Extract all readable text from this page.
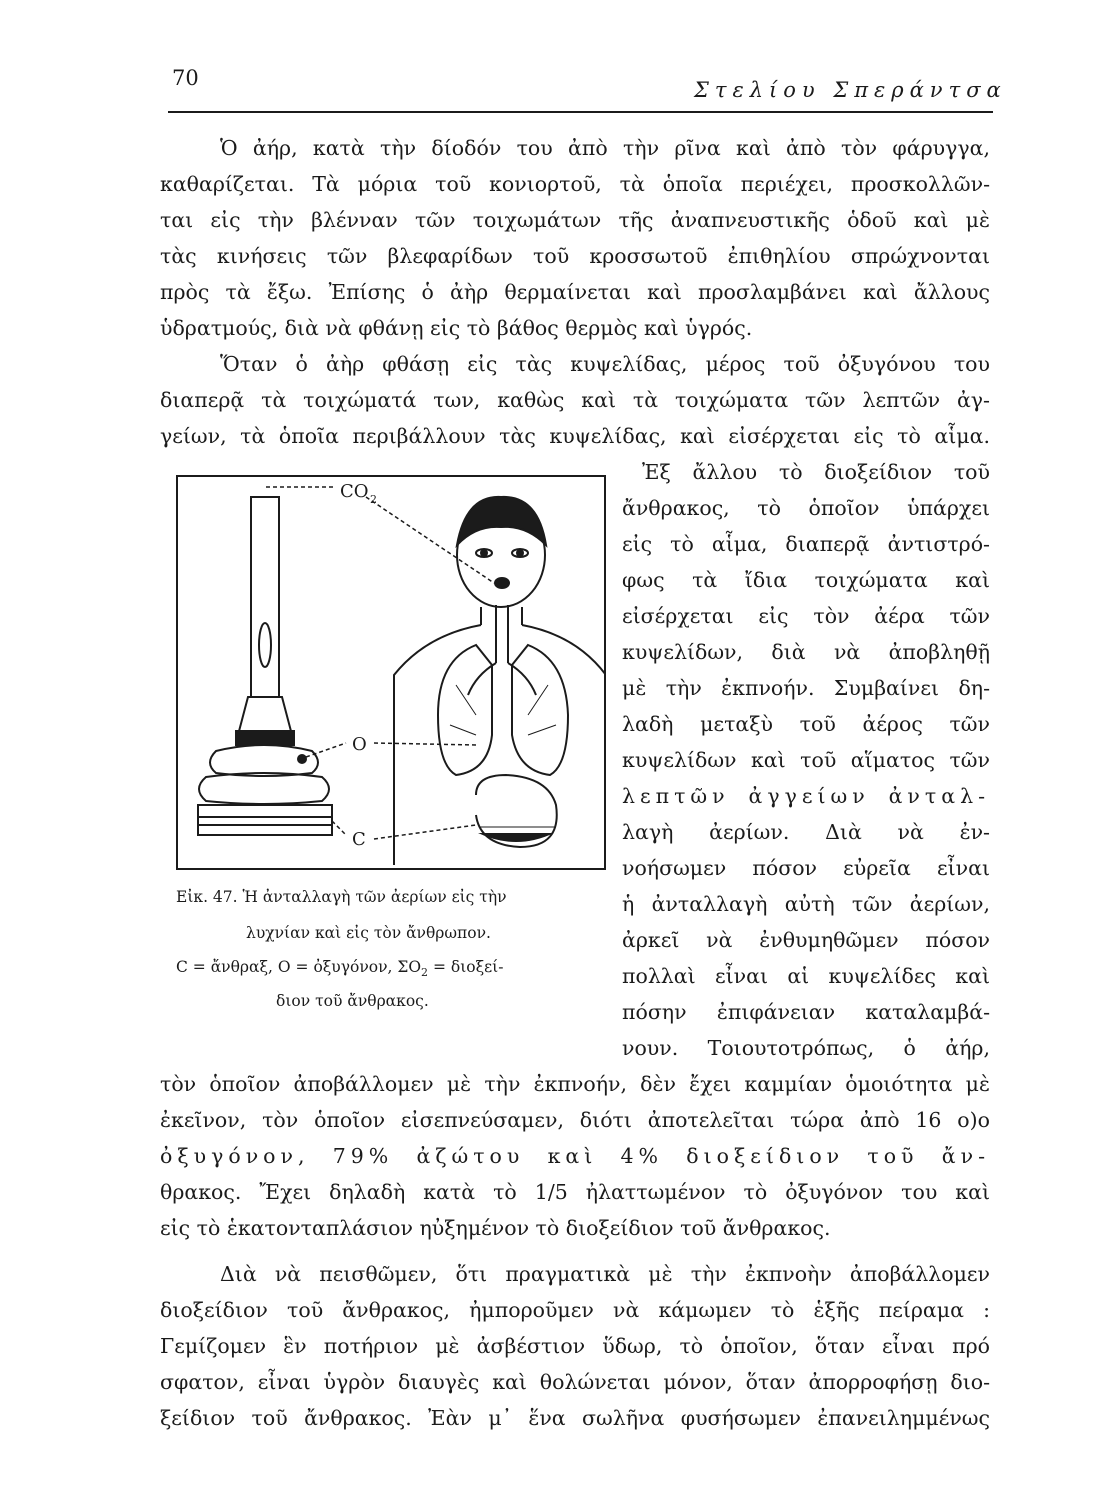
70	Στελίου Σπεράντσα
Ὁ ἀήρ, κατὰ τὴν δίοδόν του ἀπὸ τὴν ρῖνα καὶ ἀπὸ τὸν φάρυγγα,
καθαρίζεται. Τὰ μόρια τοῦ κονιορτοῦ, τὰ ὁποῖα περιέχει, προσκολλῶν-
ται εἰς τὴν βλένναν τῶν τοιχωμάτων τῆς ἀναπνευστικῆς ὁδοῦ καὶ μὲ
τὰς κινήσεις τῶν βλεφαρίδων τοῦ κροσσωτοῦ ἐπιθηλίου σπρώχνονται
πρὸς τὰ ἔξω. Ἐπίσης ὁ ἀὴρ θερμαίνεται καὶ προσλαμβάνει καὶ ἄλλους
ὑδρατμούς, διὰ νὰ φθάνῃ εἰς τὸ βάθος θερμὸς καὶ ὑγρός.
Ὅταν ὁ ἀὴρ φθάσῃ εἰς τὰς κυψελίδας, μέρος τοῦ ὀξυγόνου του
διαπερᾷ τὰ τοιχώματά των, καθὼς καὶ τὰ τοιχώματα τῶν λεπτῶν ἀγ-
γείων, τὰ ὁποῖα περιβάλλουν τὰς κυψελίδας, καὶ εἰσέρχεται εἰς τὸ αἷμα.
Ἐξ ἄλλου τὸ διοξείδιον τοῦ
ἄνθρακος, τὸ ὁποῖον ὑπάρχει
εἰς τὸ αἷμα, διαπερᾷ ἀντιστρό-
φως τὰ ἴδια τοιχώματα καὶ
εἰσέρχεται εἰς τὸν ἀέρα τῶν
κυψελίδων, διὰ νὰ ἀποβληθῇ
μὲ τὴν ἐκπνοήν. Συμβαίνει δη-
λαδὴ μεταξὺ τοῦ ἀέρος τῶν
κυψελίδων καὶ τοῦ αἵματος τῶν
λεπτῶν ἀγγείων ἀνταλ-
λαγὴ ἀερίων. Διὰ νὰ ἐν-
νοήσωμεν πόσον εὐρεῖα εἶναι
ἡ ἀνταλλαγὴ αὐτὴ τῶν ἀερίων,
ἀρκεῖ νὰ ἐνθυμηθῶμεν πόσον
πολλαὶ εἶναι αἱ κυψελίδες καὶ
πόσην ἐπιφάνειαν καταλαμβά-
νουν. Τοιουτοτρόπως, ὁ ἀήρ,
τὸν ὁποῖον ἀποβάλλομεν μὲ τὴν ἐκπνοήν, δὲν ἔχει καμμίαν ὁμοιότητα μὲ
ἐκεῖνον, τὸν ὁποῖον εἰσεπνεύσαμεν, διότι ἀποτελεῖται τώρα ἀπὸ 16 ο)ο
ὀξυγόνον, 79% ἀζώτου καὶ 4% διοξείδιον τοῦ ἄν-
θρακος. Ἔχει δηλαδὴ κατὰ τὸ 1/5 ἠλαττωμένον τὸ ὀξυγόνον του καὶ
εἰς τὸ ἑκατονταπλάσιον ηὐξημένον τὸ διοξείδιον τοῦ ἄνθρακος.
Διὰ νὰ πεισθῶμεν, ὅτι πραγματικὰ μὲ τὴν ἐκπνοὴν ἀποβάλλομεν
διοξείδιον τοῦ ἄνθρακος, ἠμποροῦμεν νὰ κάμωμεν τὸ ἑξῆς πείραμα :
Γεμίζομεν ἓν ποτήριον μὲ ἀσβέστιον ὕδωρ, τὸ ὁποῖον, ὅταν εἶναι πρό
σφατον, εἶναι ὑγρὸν διαυγὲς καὶ θολώνεται μόνον, ὅταν ἀπορροφήσῃ διο-
ξείδιον τοῦ ἄνθρακος. Ἐὰν μ᾿ ἕνα σωλῆνα φυσήσωμεν ἐπανειλημμένως
CO 2
O
C
Εἰκ. 47. Ἡ ἀνταλλαγὴ τῶν ἀερίων εἰς τὴν
λυχνίαν καὶ εἰς τὸν ἄνθρωπον.
C = ἄνθραξ, O = ὀξυγόνον, $\Sigma O_2 = \delta\iota o\xi\varepsilon ί-$
διον τοῦ ἄνθρακος.
